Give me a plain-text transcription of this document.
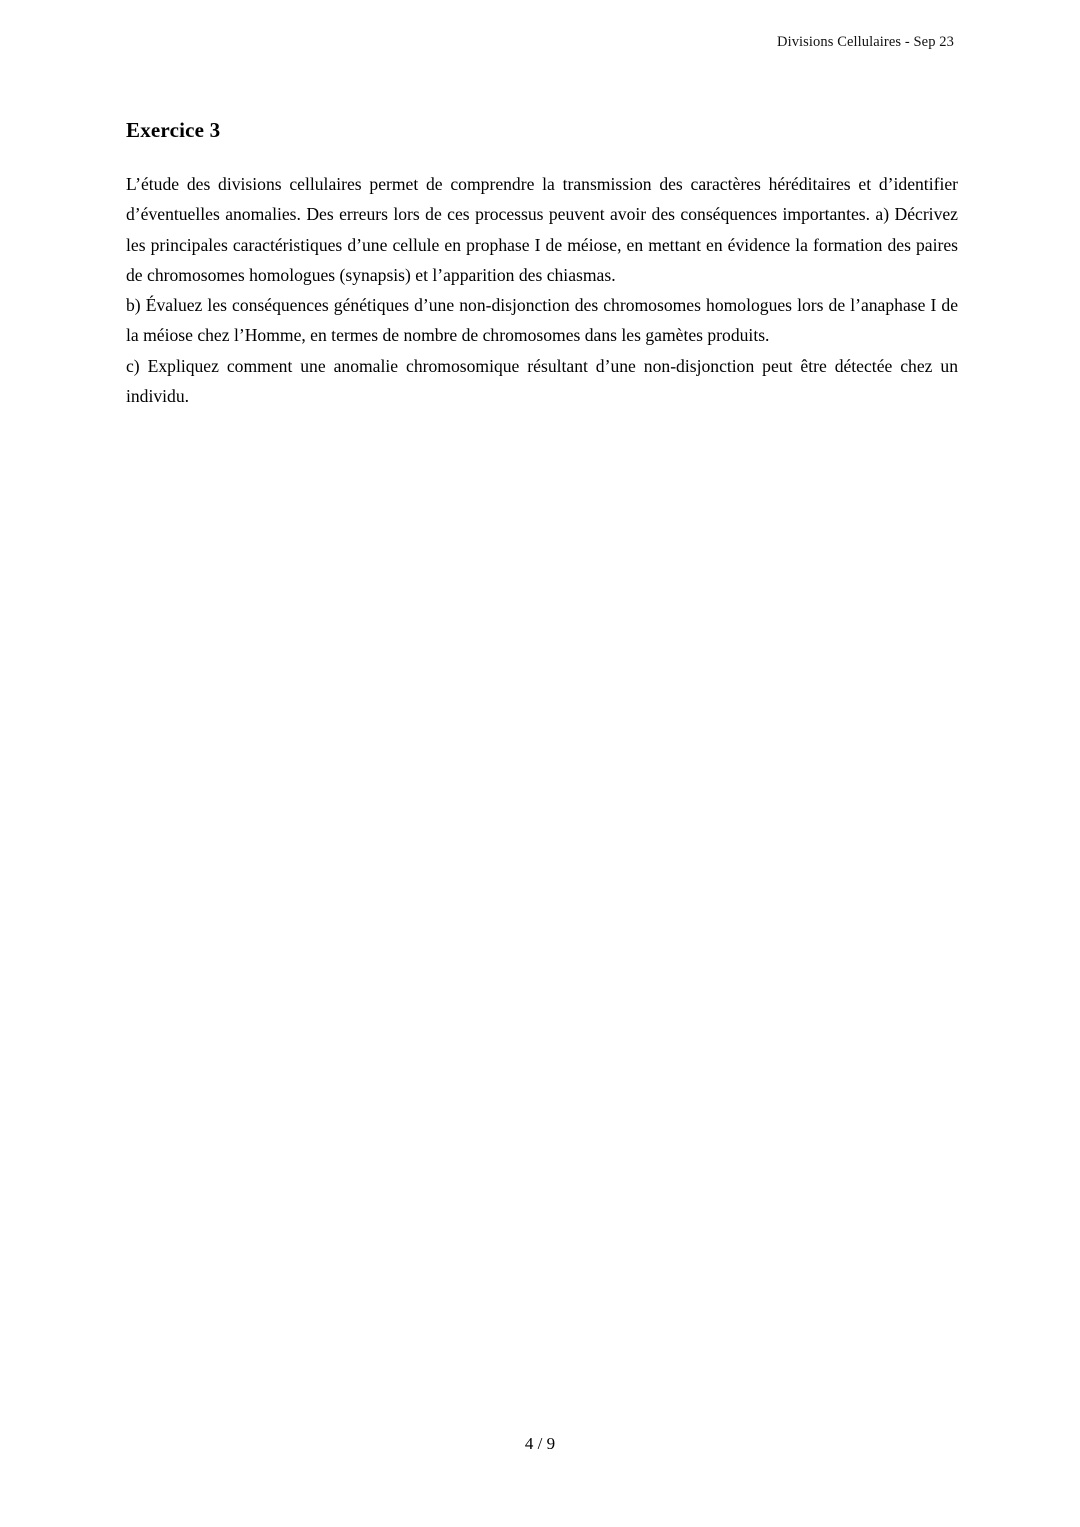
Divisions Cellulaires - Sep 23
Exercice 3

L’étude des divisions cellulaires permet de comprendre la transmission des caractères héréditaires et d’identifier d’éventuelles anomalies. Des erreurs lors de ces processus peuvent avoir des conséquences importantes. a) Décrivez les principales caractéristiques d’une cellule en prophase I de méiose, en mettant en évidence la formation des paires de chromosomes homologues (synapsis) et l’apparition des chiasmas.

b) Évaluez les conséquences génétiques d’une non-disjonction des chromosomes homologues lors de l’anaphase I de la méiose chez l’Homme, en termes de nombre de chromosomes dans les gamètes produits.

c) Expliquez comment une anomalie chromosomique résultant d’une non-disjonction peut être détectée chez un individu.

4 / 9
